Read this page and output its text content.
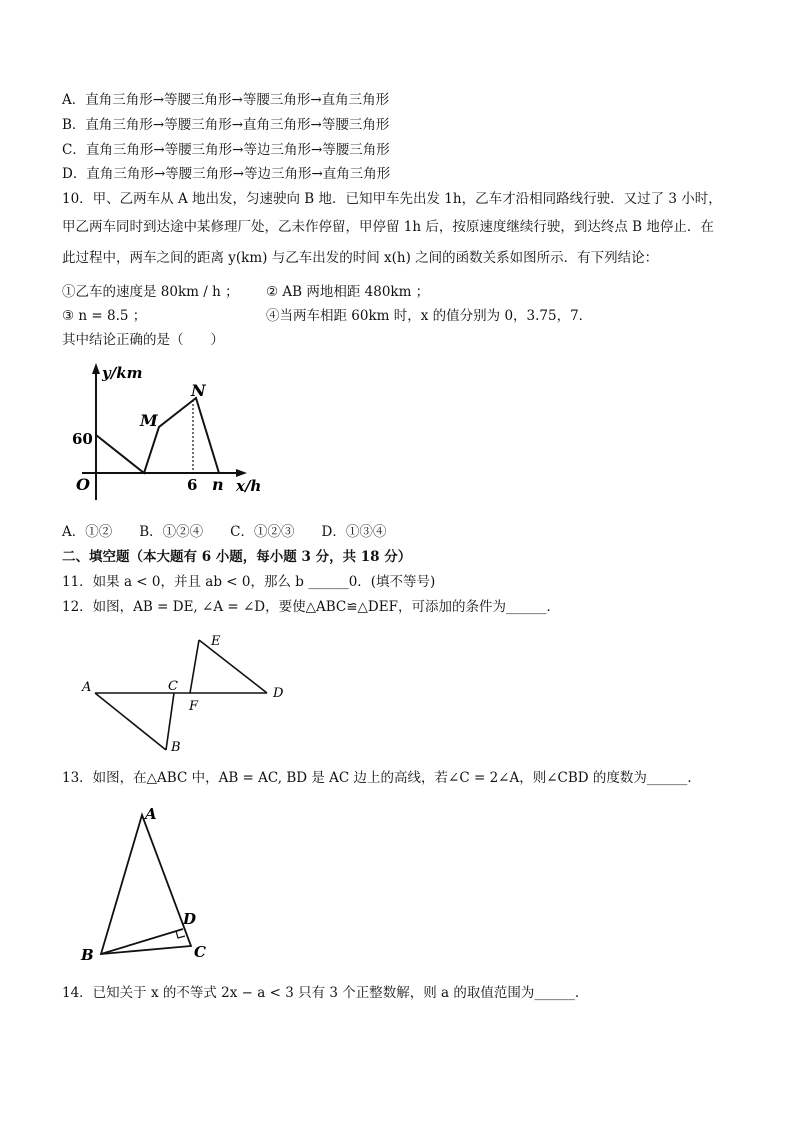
A．直角三角形→等腰三角形→等腰三角形→直角三角形
B．直角三角形→等腰三角形→直角三角形→等腰三角形
C．直角三角形→等腰三角形→等边三角形→等腰三角形
D．直角三角形→等腰三角形→等边三角形→直角三角形
10．甲、乙两车从 A 地出发，匀速驶向 B 地．已知甲车先出发 1h，乙车才沿相同路线行驶．又过了 3 小时，
甲乙两车同时到达途中某修理厂处，乙未作停留，甲停留 1h 后，按原速度继续行驶，到达终点 B 地停止．在
此过程中，两车之间的距离 y(km) 与乙车出发的时间 x(h) 之间的函数关系如图所示．有下列结论：
①乙车的速度是 80km / h ； ② AB 两地相距 480km ；
③ n = 8.5 ；	④当两车相距 60km 时，x 的值分别为 0，3.75，7．
其中结论正确的是（　　）
y/km
x/h
O
60
6 n
M
N
A．①②　　B．①②④　　C．①②③　　D．①③④
二、填空题（本大题有 6 小题，每小题 3 分，共 18 分）
11．如果 a < 0，并且 ab < 0，那么 b ______0．(填不等号)
12．如图，AB = DE, ∠A = ∠D，要使△ABC≌△DEF，可添加的条件为______．
A
B
C	D
E
F
13．如图，在△ABC 中，AB = AC, BD 是 AC 边上的高线，若∠C = 2∠A，则∠CBD 的度数为______．
A
B	C
D
14．已知关于 x 的不等式 2x − a < 3 只有 3 个正整数解，则 a 的取值范围为______．
